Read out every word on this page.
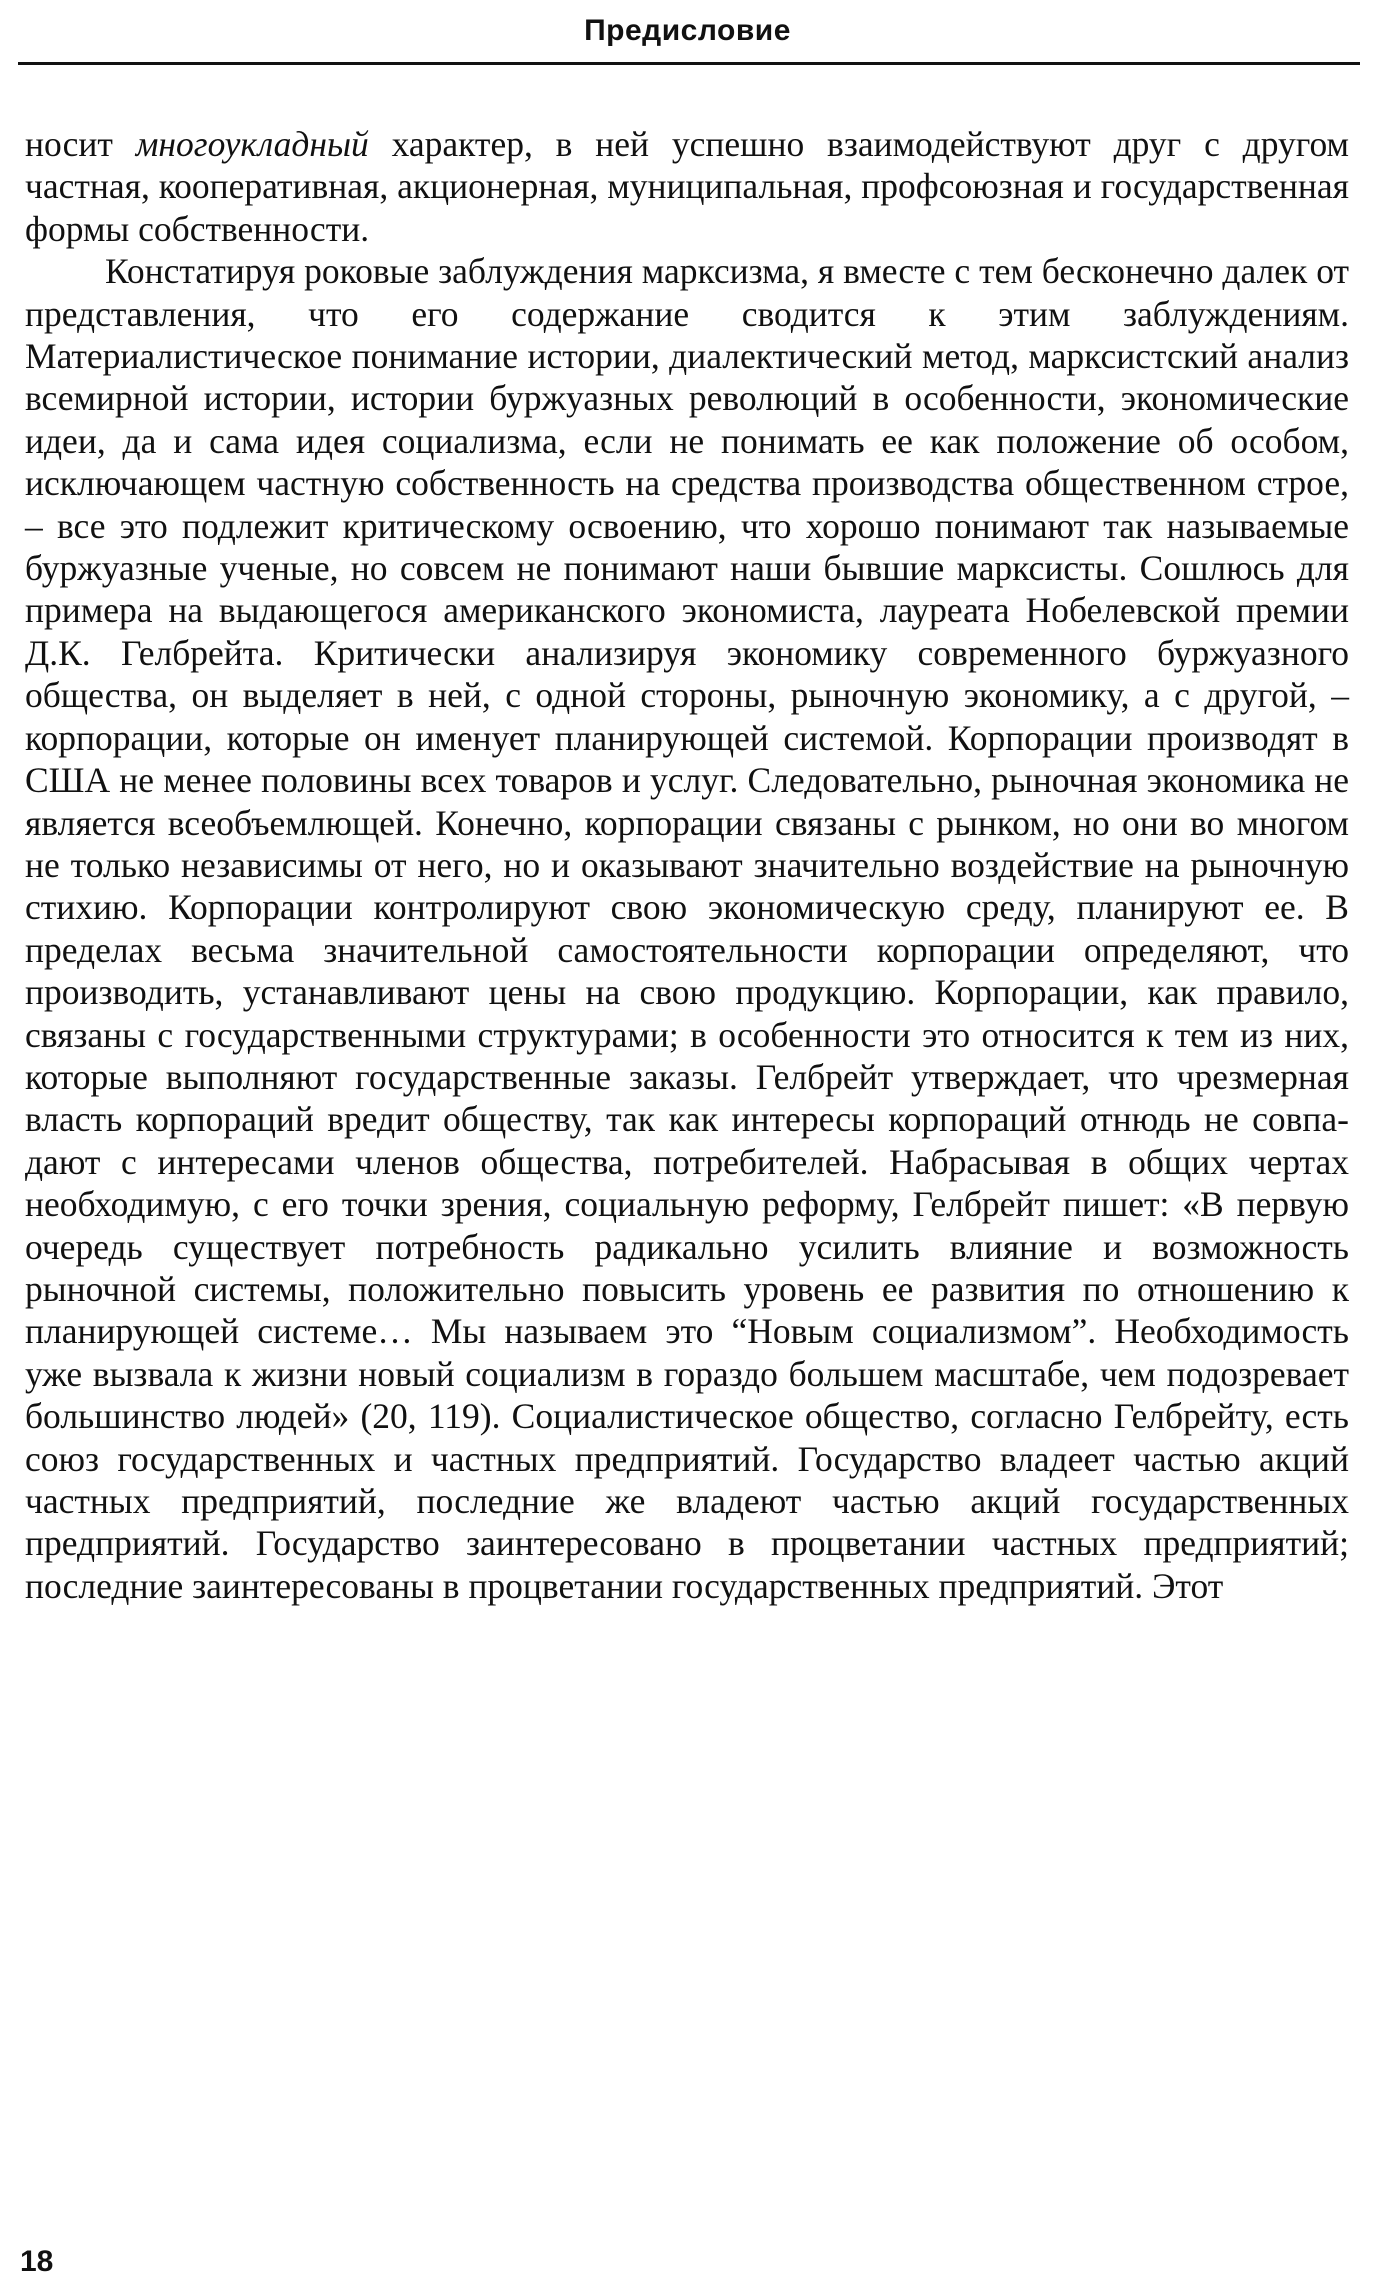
Предисловие

носит многоукладный характер, в ней успешно взаимодействуют друг с другом частная, кооперативная, акционерная, муниципальная, профсоюзная и государственная формы собственности.

Констатируя роковые заблуждения марксизма, я вместе с тем бесконечно далек от представления, что его содержание сводится к этим заблуждениям. Материалистическое понимание истории, диалектический метод, марксистский анализ всемирной истории, истории буржуазных революций в особенности, экономические идеи, да и сама идея социализма, если не понимать ее как положение об особом, исключающем частную собственность на средства производства общественном строе, – все это подлежит критическому освоению, что хорошо понимают так называемые буржуазные ученые, но совсем не понимают наши бывшие марксисты. Сошлюсь для примера на выдающегося американского экономиста, лауреата Нобелевской премии Д.К. Гелбрейта. Критически анализируя экономику современного буржуазного общества, он выделяет в ней, с одной стороны, рыночную экономику, а с другой, – корпорации, которые он именует планирующей системой. Корпорации производят в США не менее половины всех товаров и услуг. Следовательно, рыночная экономика не является всеобъемлющей. Конечно, корпорации связаны с рынком, но они во многом не только независимы от него, но и оказывают значительно воздействие на рыночную стихию. Корпорации контролируют свою экономическую среду, планируют ее. В пределах весьма значительной самостоятельности корпорации определяют, что производить, устанавливают цены на свою продукцию. Корпорации, как правило, связаны с государственными структурами; в особенности это относится к тем из них, которые выполняют государственные заказы. Гелбрейт утверждает, что чрезмерная власть корпораций вредит обществу, так как интересы корпораций отнюдь не совпадают с интересами членов общества, потребителей. Набрасывая в общих чертах необходимую, с его точки зрения, социальную реформу, Гелбрейт пишет: «В первую очередь существует потребность радикально усилить влияние и возможность рыночной системы, положительно повысить уровень ее развития по отношению к планирующей системе… Мы называем это “Новым социализмом”. Необходимость уже вызвала к жизни новый социализм в гораздо большем масштабе, чем подозревает большинство людей» (20, 119). Социалистическое общество, согласно Гелбрейту, есть союз государственных и частных предприятий. Государство владеет частью акций частных предприятий, последние же владеют частью акций государственных предприятий. Государство заинтересовано в процветании частных предприятий; последние заинтересованы в процветании государственных предприятий. Этот

18
